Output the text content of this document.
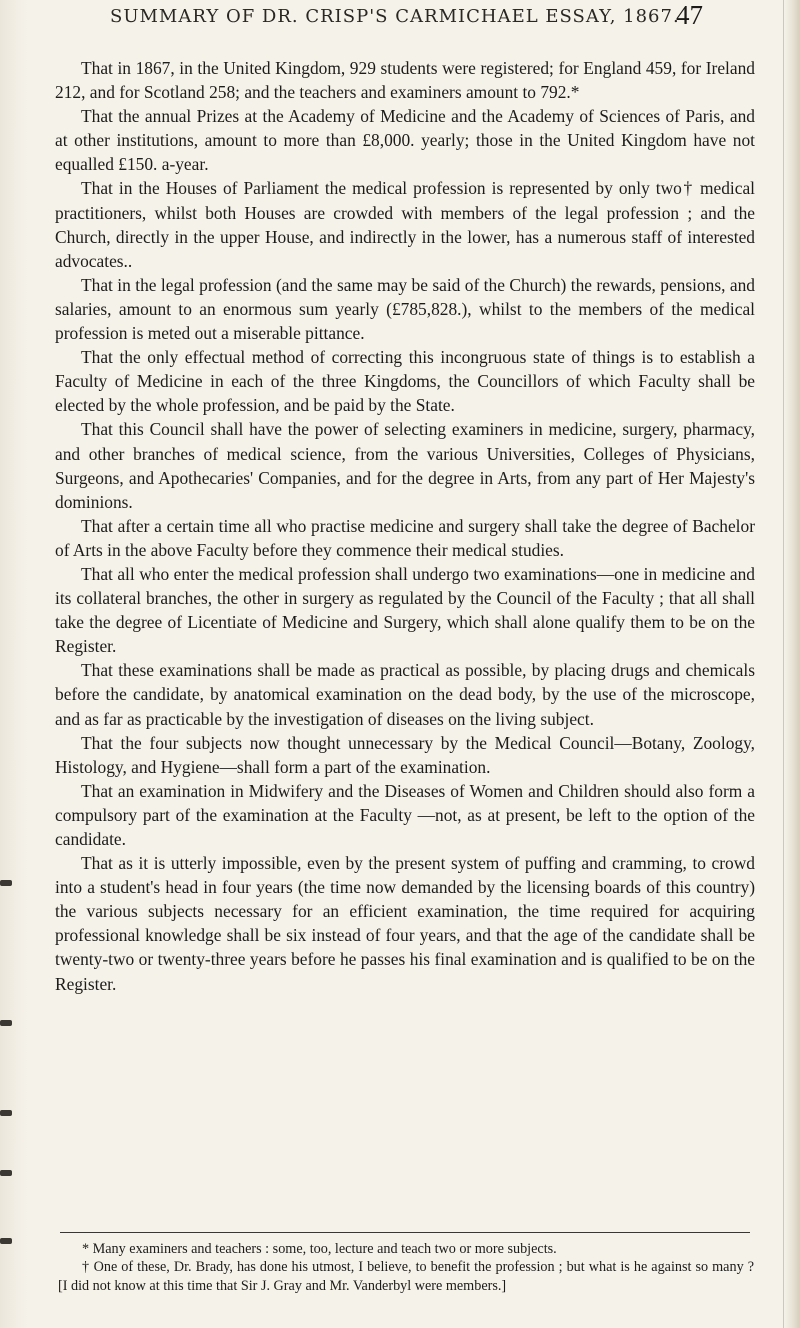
SUMMARY OF DR. CRISP'S CARMICHAEL ESSAY, 1867.
47

That in 1867, in the United Kingdom, 929 students were registered; for England 459, for Ireland 212, and for Scotland 258; and the teachers and examiners amount to 792.*

That the annual Prizes at the Academy of Medicine and the Academy of Sciences of Paris, and at other institutions, amount to more than £8,000. yearly; those in the United Kingdom have not equalled £150. a-year.

That in the Houses of Parliament the medical profession is represented by only two† medical practitioners, whilst both Houses are crowded with members of the legal profession ; and the Church, directly in the upper House, and indirectly in the lower, has a numerous staff of interested advocates..

That in the legal profession (and the same may be said of the Church) the rewards, pensions, and salaries, amount to an enormous sum yearly (£785,828.), whilst to the members of the medical profession is meted out a miserable pittance.

That the only effectual method of correcting this incongruous state of things is to establish a Faculty of Medicine in each of the three Kingdoms, the Councillors of which Faculty shall be elected by the whole profession, and be paid by the State.

That this Council shall have the power of selecting examiners in medicine, surgery, pharmacy, and other branches of medical science, from the various Universities, Colleges of Physicians, Surgeons, and Apothecaries' Companies, and for the degree in Arts, from any part of Her Majesty's dominions.

That after a certain time all who practise medicine and surgery shall take the degree of Bachelor of Arts in the above Faculty before they commence their medical studies.

That all who enter the medical profession shall undergo two examinations—one in medicine and its collateral branches, the other in surgery as regulated by the Council of the Faculty ; that all shall take the degree of Licentiate of Medicine and Surgery, which shall alone qualify them to be on the Register.

That these examinations shall be made as practical as possible, by placing drugs and chemicals before the candidate, by anatomical examination on the dead body, by the use of the microscope, and as far as practicable by the investigation of diseases on the living subject.

That the four subjects now thought unnecessary by the Medical Council—Botany, Zoology, Histology, and Hygiene—shall form a part of the examination.

That an examination in Midwifery and the Diseases of Women and Children should also form a compulsory part of the examination at the Faculty —not, as at present, be left to the option of the candidate.

That as it is utterly impossible, even by the present system of puffing and cramming, to crowd into a student's head in four years (the time now demanded by the licensing boards of this country) the various subjects necessary for an efficient examination, the time required for acquiring professional knowledge shall be six instead of four years, and that the age of the candidate shall be twenty-two or twenty-three years before he passes his final examination and is qualified to be on the Register.

* Many examiners and teachers : some, too, lecture and teach two or more subjects.

† One of these, Dr. Brady, has done his utmost, I believe, to benefit the profession ; but what is he against so many ? [I did not know at this time that Sir J. Gray and Mr. Vanderbyl were members.]
